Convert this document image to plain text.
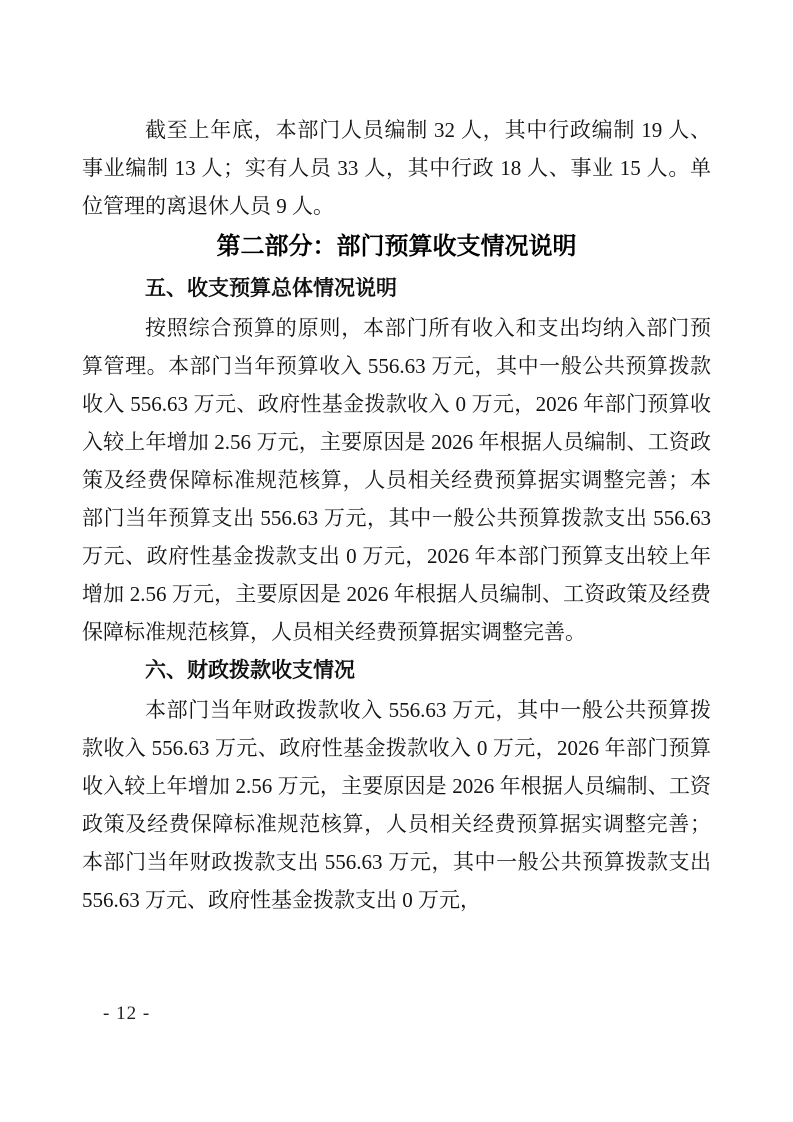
截至上年底，本部门人员编制 32 人，其中行政编制 19 人、事业编制 13 人；实有人员 33 人，其中行政 18 人、事业 15 人。单位管理的离退休人员 9 人。

第二部分：部门预算收支情况说明
五、收支预算总体情况说明

按照综合预算的原则，本部门所有收入和支出均纳入部门预算管理。本部门当年预算收入 556.63 万元，其中一般公共预算拨款收入 556.63 万元、政府性基金拨款收入 0 万元，2026 年部门预算收入较上年增加 2.56 万元，主要原因是 2026 年根据人员编制、工资政策及经费保障标准规范核算，人员相关经费预算据实调整完善；本部门当年预算支出 556.63 万元，其中一般公共预算拨款支出 556.63 万元、政府性基金拨款支出 0 万元，2026 年本部门预算支出较上年增加 2.56 万元，主要原因是 2026 年根据人员编制、工资政策及经费保障标准规范核算，人员相关经费预算据实调整完善。

六、财政拨款收支情况

本部门当年财政拨款收入 556.63 万元，其中一般公共预算拨款收入 556.63 万元、政府性基金拨款收入 0 万元，2026 年部门预算收入较上年增加 2.56 万元，主要原因是 2026 年根据人员编制、工资政策及经费保障标准规范核算，人员相关经费预算据实调整完善；本部门当年财政拨款支出 556.63 万元，其中一般公共预算拨款支出 556.63 万元、政府性基金拨款支出 0 万元，

- 12 -
